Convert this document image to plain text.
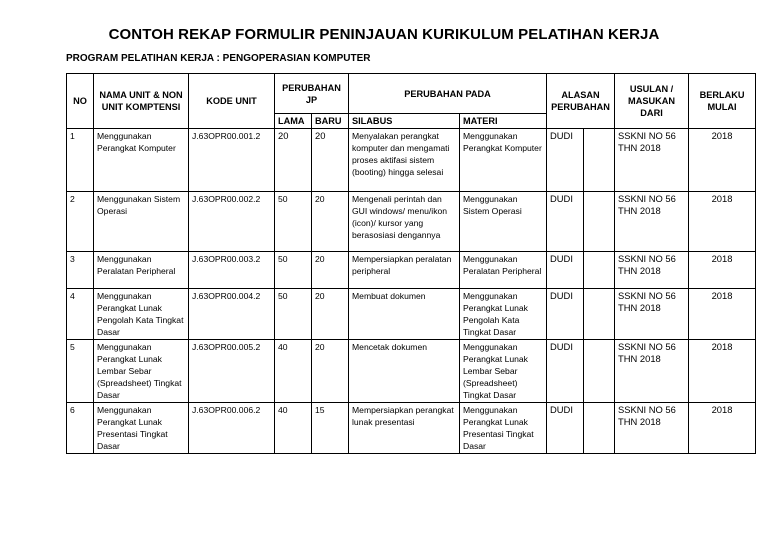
CONTOH REKAP FORMULIR PENINJAUAN KURIKULUM PELATIHAN KERJA
PROGRAM PELATIHAN KERJA : PENGOPERASIAN KOMPUTER
NO	NAMA UNIT & NON UNIT KOMPTENSI	KODE UNIT	PERUBAHAN JP		PERUBAHAN PADA		ALASAN PERUBAHAN		USULAN / MASUKAN DARI	BERLAKU MULAI
			LAMA	BARU	SILABUS	MATERI				
1	Menggunakan Perangkat Komputer	J.63OPR00.001.2	20	20	Menyalakan perangkat komputer dan mengamati proses aktifasi sistem (booting) hingga selesai	Menggunakan Perangkat Komputer	DUDI		SSKNI NO 56 THN 2018	2018
2	Menggunakan Sistem Operasi	J.63OPR00.002.2	50	20	Mengenali perintah dan GUI windows/ menu/ikon (icon)/ kursor yang berasosiasi dengannya	Menggunakan Sistem Operasi	DUDI		SSKNI NO 56 THN 2018	2018
3	Menggunakan Peralatan Peripheral	J.63OPR00.003.2	50	20	Mempersiapkan peralatan peripheral	Menggunakan Peralatan Peripheral	DUDI		SSKNI NO 56 THN 2018	2018
4	Menggunakan Perangkat Lunak Pengolah Kata Tingkat Dasar	J.63OPR00.004.2	50	20	Membuat dokumen	Menggunakan Perangkat Lunak Pengolah Kata Tingkat Dasar	DUDI		SSKNI NO 56 THN 2018	2018
5	Menggunakan Perangkat Lunak Lembar Sebar (Spreadsheet) Tingkat Dasar	J.63OPR00.005.2	40	20	Mencetak dokumen	Menggunakan Perangkat Lunak Lembar Sebar (Spreadsheet) Tingkat Dasar	DUDI		SSKNI NO 56 THN 2018	2018
6	Menggunakan Perangkat Lunak Presentasi Tingkat Dasar	J.63OPR00.006.2	40	15	Mempersiapkan perangkat lunak presentasi	Menggunakan Perangkat Lunak Presentasi Tingkat Dasar	DUDI		SSKNI NO 56 THN 2018	2018
